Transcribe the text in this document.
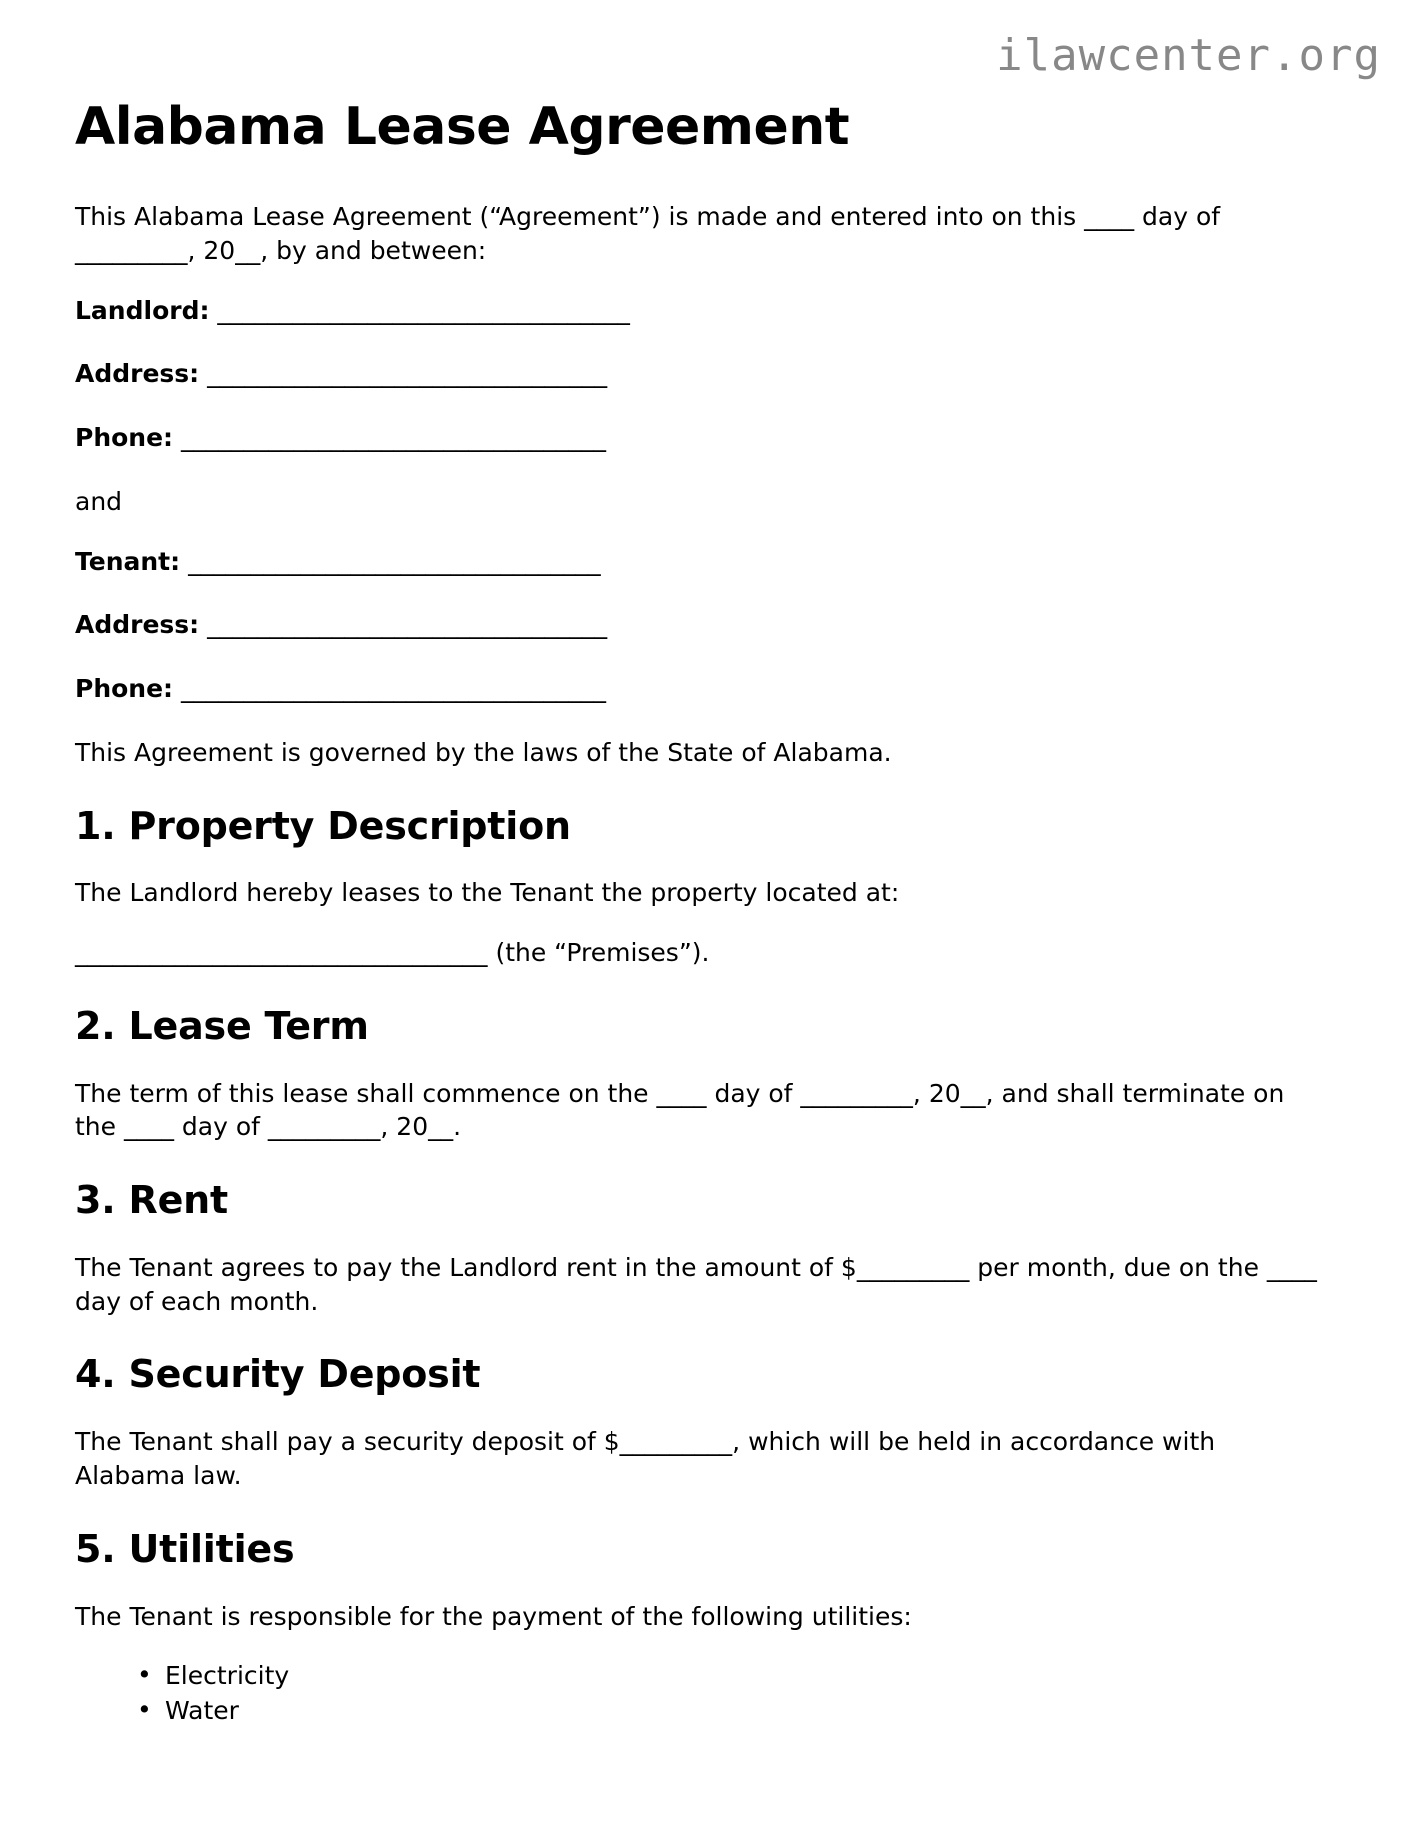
ilawcenter.org
Alabama Lease Agreement

This Alabama Lease Agreement (“Agreement”) is made and entered into on this ____ day of _________, 20__, by and between:

Landlord: _________________________________

Address: ________________________________

Phone: __________________________________

and

Tenant: _________________________________

Address: ________________________________

Phone: __________________________________

This Agreement is governed by the laws of the State of Alabama.

1. Property Description

The Landlord hereby leases to the Tenant the property located at:

_________________________________ (the “Premises”).

2. Lease Term

The term of this lease shall commence on the ____ day of _________, 20__, and shall terminate on the ____ day of _________, 20__.

3. Rent

The Tenant agrees to pay the Landlord rent in the amount of $_________ per month, due on the ____ day of each month.

4. Security Deposit

The Tenant shall pay a security deposit of $_________, which will be held in accordance with Alabama law.

5. Utilities

The Tenant is responsible for the payment of the following utilities:

• Electricity
• Water
